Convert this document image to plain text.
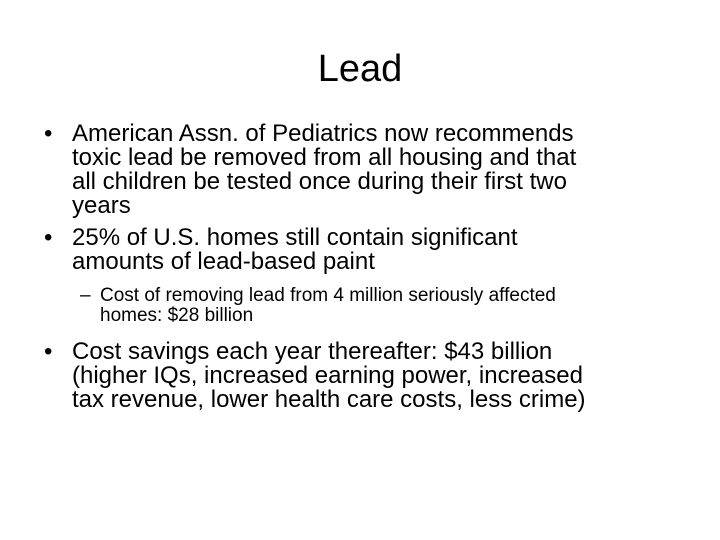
Lead
• American Assn. of Pediatrics now recommends
toxic lead be removed from all housing and that
all children be tested once during their first two
years
• 25% of U.S. homes still contain significant
amounts of lead-based paint
– Cost of removing lead from 4 million seriously affected
homes: $28 billion
• Cost savings each year thereafter: $43 billion
(higher IQs, increased earning power, increased
tax revenue, lower health care costs, less crime)
